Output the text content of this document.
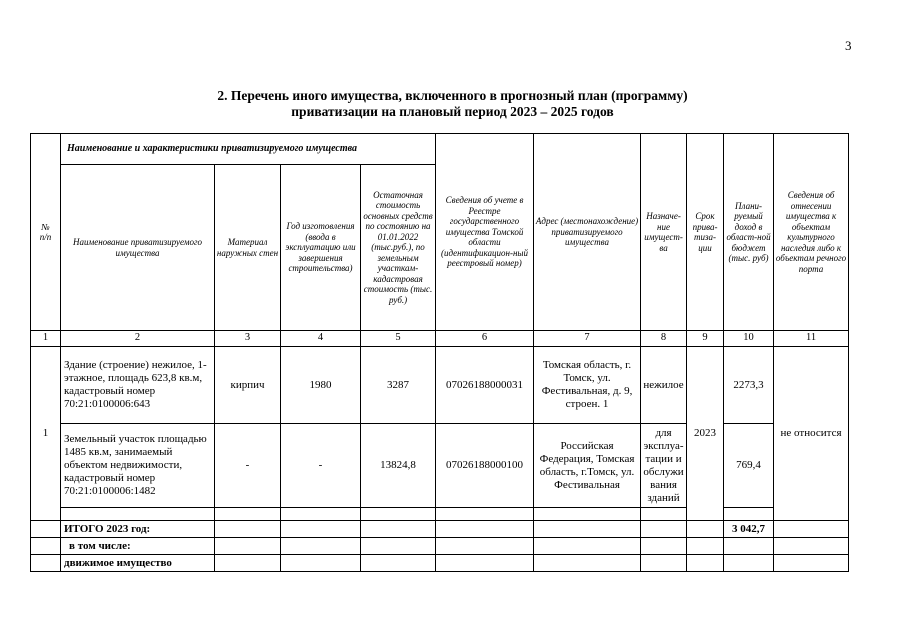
3
2. Перечень иного имущества, включенного в прогнозный план (программу)
приватизации на плановый период 2023 – 2025 годов
№
п/п	Наименование и характеристики приватизируемого имущества				Сведения об учете в Реестре государственного имущества Томской области (идентификацион-ный реестровый номер)	Адрес (местонахождение) приватизируемого имущества	Назначе-ние имущест-ва	Срок прива-тиза-ции	Плани-руемый доход в област-ной бюджет (тыс. руб)	Сведения об отнесении имущества к объектам культурного наследия либо к объектам речного порта
	Наименование приватизируемого имущества	Материал наружных стен	Год изготовления (ввода в эксплуатацию или завершения строительства)	Остаточная стоимость основных средств по состоянию на 01.01.2022 (тыс.руб.), по земельным участкам-кадастровая стоимость (тыс. руб.)						
1	2	3	4	5	6	7	8	9	10	11
1	Здание (строение) нежилое, 1-этажное, площадь 623,8 кв.м, кадастровый номер 70:21:0100006:643	кирпич	1980	3287	07026188000031	Томская область, г. Томск, ул. Фестивальная, д. 9, строен. 1	нежилое	2023	2273,3	не относится
	Земельный участок площадью 1485 кв.м, занимаемый объектом недвижимости, кадастровый номер 70:21:0100006:1482	-	-	13824,8	07026188000100	Российская Федерация, Томская область, г.Томск, ул. Фестивальная	для эксплуа-тации и обслужи вания зданий		769,4	

	ИТОГО 2023 год:								3 042,7	
	в том числе:									
	движимое имущество									
